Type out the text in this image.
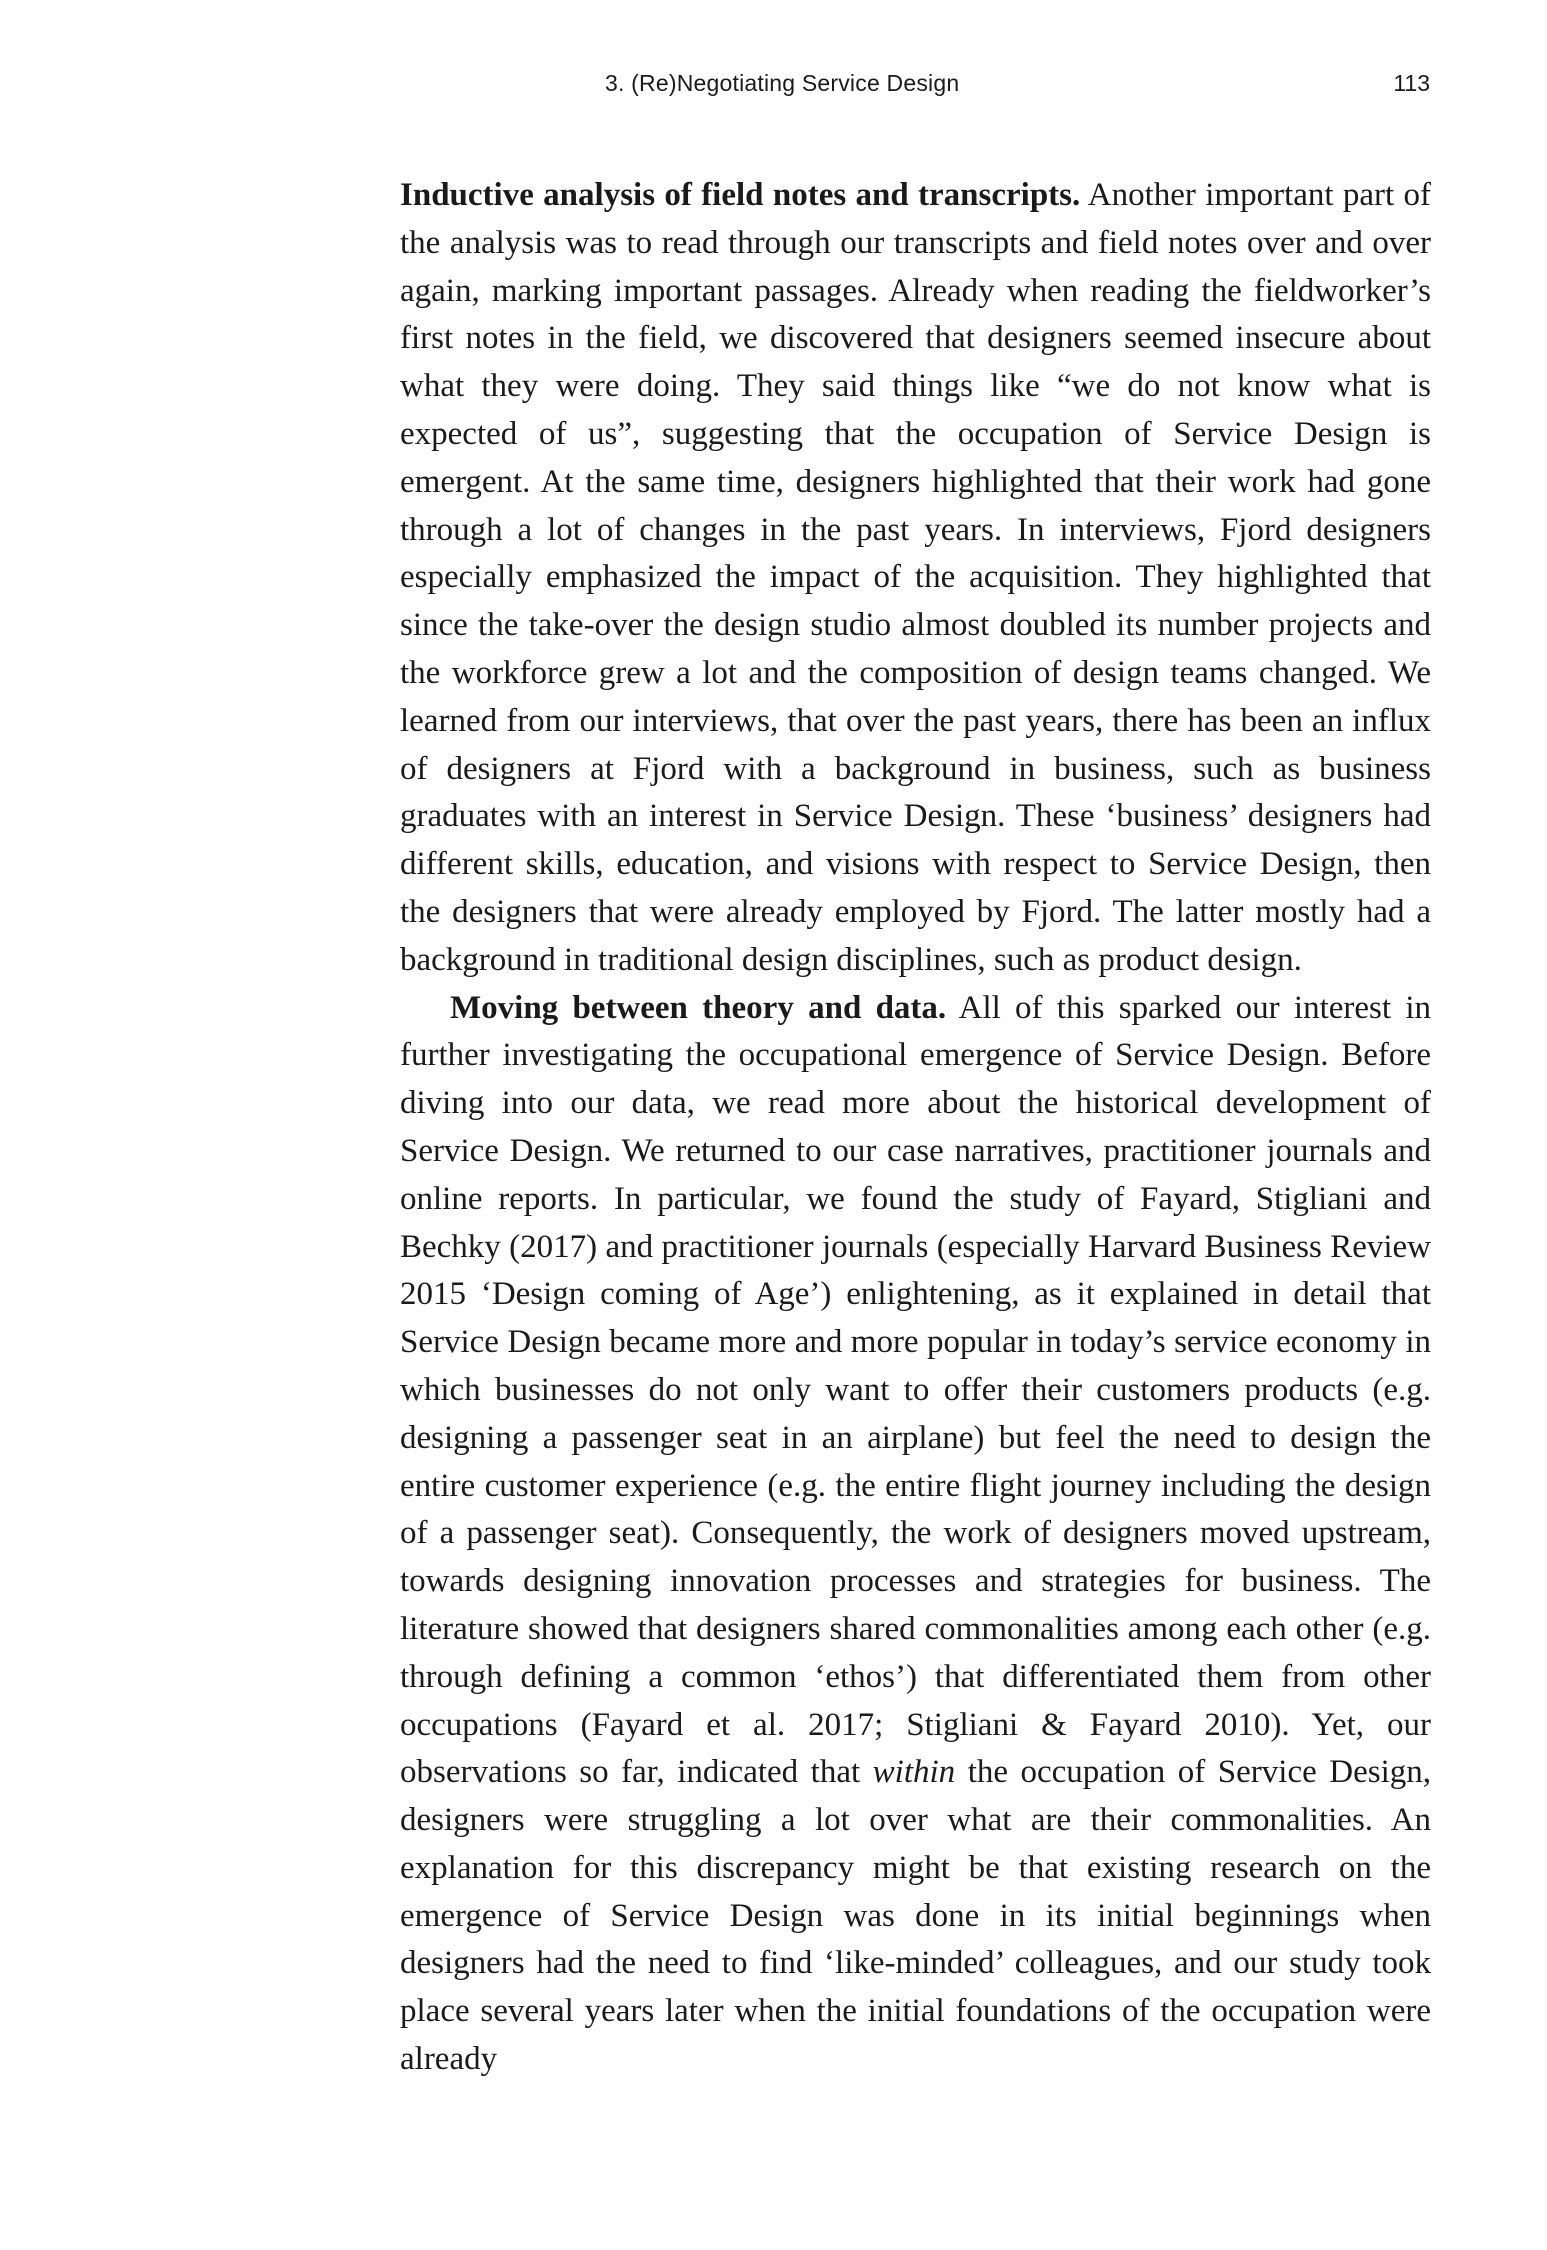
3. (Re)Negotiating Service Design	113

Inductive analysis of field notes and transcripts. Another important part of the analysis was to read through our transcripts and field notes over and over again, marking important passages. Already when reading the fieldworker’s first notes in the field, we discovered that designers seemed insecure about what they were doing. They said things like “we do not know what is expected of us”, suggesting that the occupation of Service Design is emergent. At the same time, designers highlighted that their work had gone through a lot of changes in the past years. In interviews, Fjord designers especially emphasized the impact of the acquisition. They highlighted that since the take-over the design studio almost doubled its number projects and the workforce grew a lot and the composition of design teams changed. We learned from our interviews, that over the past years, there has been an influx of designers at Fjord with a background in business, such as business graduates with an interest in Service Design. These ‘business’ designers had different skills, education, and visions with respect to Service Design, then the designers that were already employed by Fjord. The latter mostly had a background in traditional design disciplines, such as product design.

Moving between theory and data. All of this sparked our interest in further investigating the occupational emergence of Service Design. Before diving into our data, we read more about the historical development of Service Design. We returned to our case narratives, practitioner journals and online reports. In particular, we found the study of Fayard, Stigliani and Bechky (2017) and practitioner journals (especially Harvard Business Review 2015 ‘Design coming of Age’) enlightening, as it explained in detail that Service Design became more and more popular in today’s service economy in which businesses do not only want to offer their customers products (e.g. designing a passenger seat in an airplane) but feel the need to design the entire customer experience (e.g. the entire flight journey including the design of a passenger seat). Consequently, the work of designers moved upstream, towards designing innovation processes and strategies for business. The literature showed that designers shared commonalities among each other (e.g. through defining a common ‘ethos’) that differentiated them from other occupations (Fayard et al. 2017; Stigliani & Fayard 2010). Yet, our observations so far, indicated that within the occupation of Service Design, designers were struggling a lot over what are their commonalities. An explanation for this discrepancy might be that existing research on the emergence of Service Design was done in its initial beginnings when designers had the need to find ‘like-minded’ colleagues, and our study took place several years later when the initial foundations of the occupation were already
